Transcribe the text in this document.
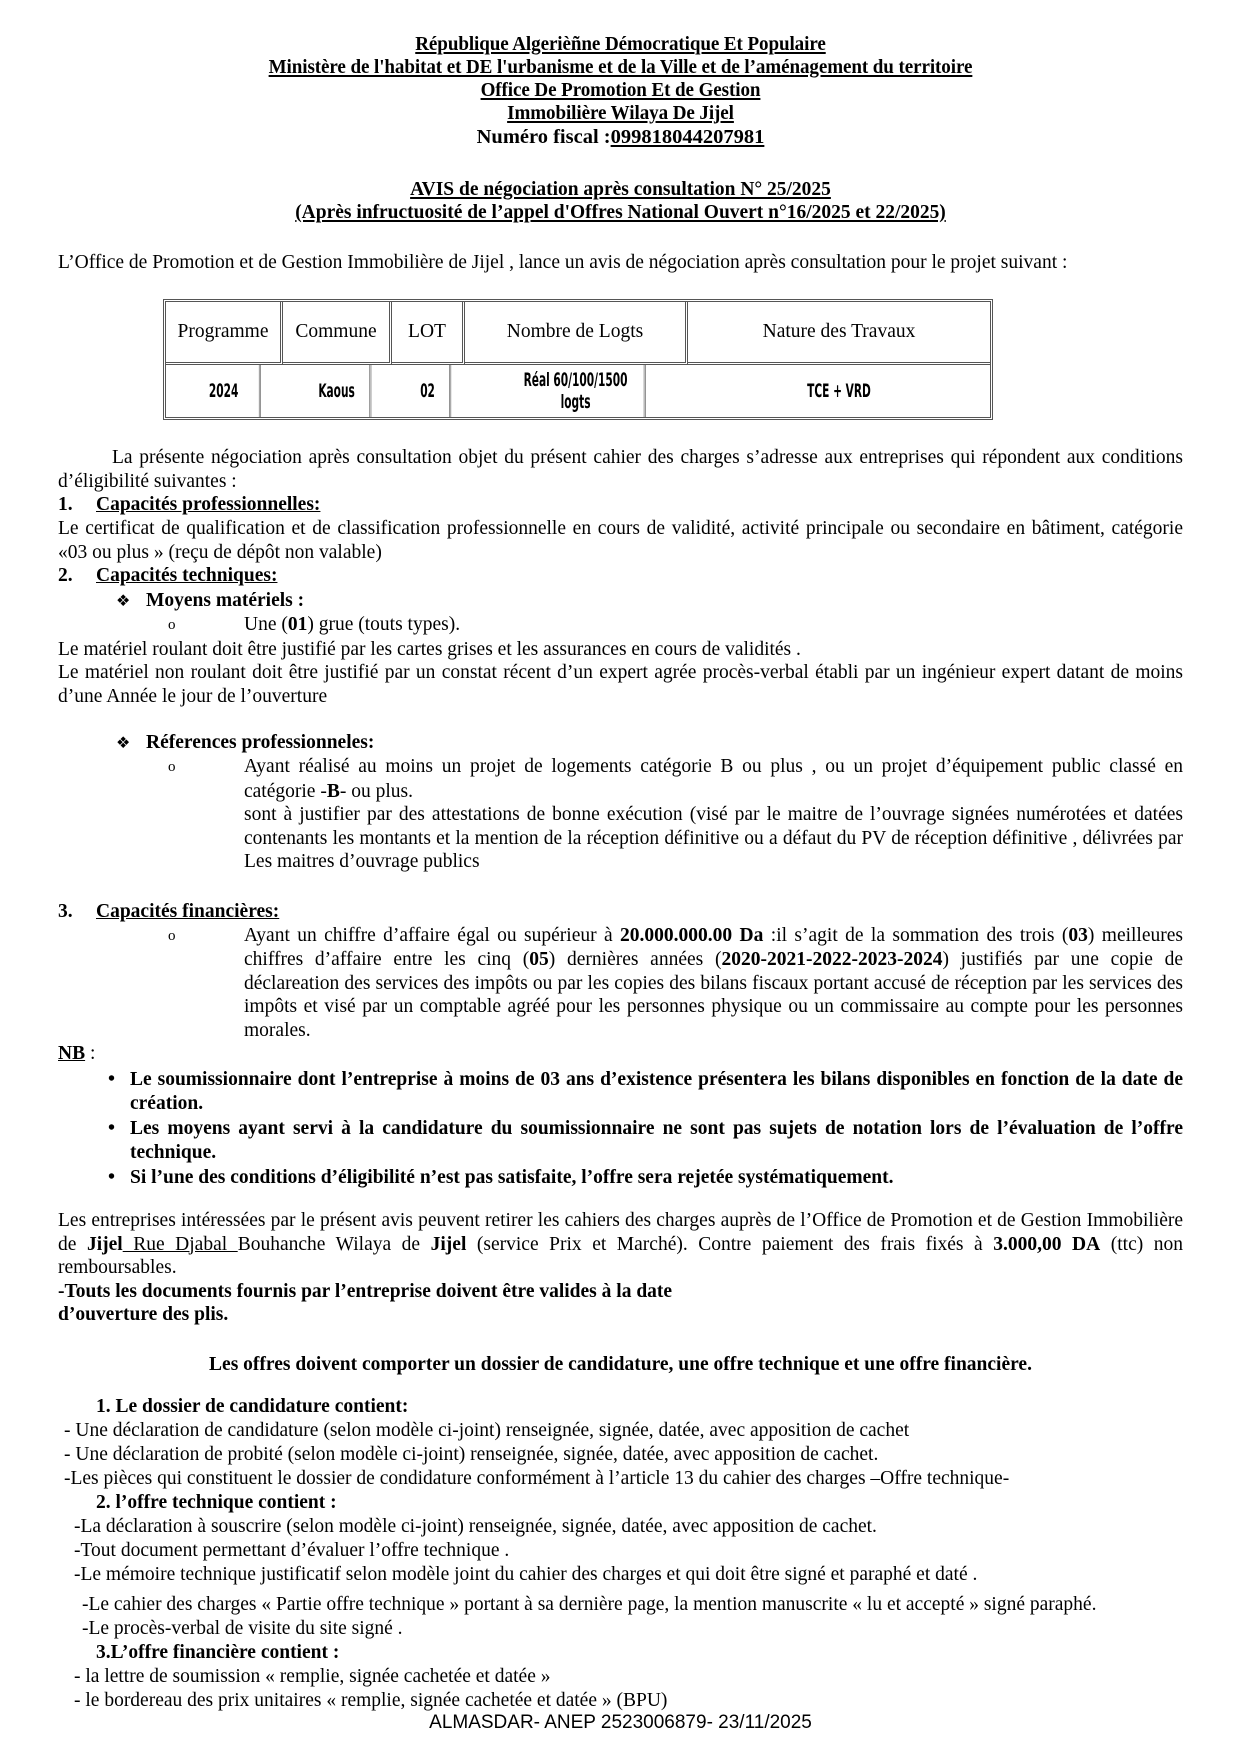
République Algerièñne Démocratique Et Populaire
Ministère de l'habitat et DE l'urbanisme et de la Ville et de l’aménagement du territoire
Office De Promotion Et de Gestion
Immobilière Wilaya De Jijel
Numéro fiscal :099818044207981
AVIS de négociation après consultation N° 25/2025
(Après infructuosité de l’appel d'Offres National Ouvert n°16/2025 et 22/2025)
L’Office de Promotion et de Gestion Immobilière de Jijel , lance un avis de négociation après consultation pour le projet suivant :
Programme	Commune	LOT	Nombre de Logts	Nature des Travaux
2024	Kaous	02	Réal 60/100/1500 logts	TCE + VRD

La présente négociation après consultation objet du présent cahier des charges s’adresse aux entreprises qui répondent aux conditions d’éligibilité suivantes :

1. Capacités professionnelles:

Le certificat de qualification et de classification professionnelle en cours de validité, activité principale ou secondaire en bâtiment, catégorie «03 ou plus » (reçu de dépôt non valable)

2. Capacités techniques:

❖ Moyens matériels :

o	Une (01) grue (touts types).

Le matériel roulant doit être justifié par les cartes grises et les assurances en cours de validités .

Le matériel non roulant doit être justifié par un constat récent d’un expert agrée procès-verbal établi par un ingénieur expert datant de moins d’une Année le jour de l’ouverture

❖ Réferences professionneles:

o	Ayant réalisé au moins un projet de logements catégorie B ou plus , ou un projet d’équipement public classé en catégorie -B- ou plus.

sont à justifier par des attestations de bonne exécution (visé par le maitre de l’ouvrage signées numérotées et datées contenants les montants et la mention de la réception définitive ou a défaut du PV de réception définitive , délivrées par Les maitres d’ouvrage publics

3. Capacités financières:

o	Ayant un chiffre d’affaire égal ou supérieur à 20.000.000.00 Da :il s’agit de la sommation des trois (03) meilleures chiffres d’affaire entre les cinq (05) dernières années (2020-2021-2022-2023-2024) justifiés par une copie de déclareation des services des impôts ou par les copies des bilans fiscaux portant accusé de réception par les services des impôts et visé par un comptable agréé pour les personnes physique ou un commissaire au compte pour les personnes morales.

NB :

• Le soumissionnaire dont l’entreprise à moins de 03 ans d’existence présentera les bilans disponibles en fonction de la date de création.
• Les moyens ayant servi à la candidature du soumissionnaire ne sont pas sujets de notation lors de l’évaluation de l’offre technique.
• Si l’une des conditions d’éligibilité n’est pas satisfaite, l’offre sera rejetée systématiquement.

Les entreprises intéressées par le présent avis peuvent retirer les cahiers des charges auprès de l’Office de Promotion et de Gestion Immobilière de Jijel Rue Djabal Bouhanche Wilaya de Jijel (service Prix et Marché). Contre paiement des frais fixés à 3.000,00 DA (ttc) non remboursables.

-Touts les documents fournis par l’entreprise doivent être valides à la date

d’ouverture des plis.

Les offres doivent comporter un dossier de candidature, une offre technique et une offre financière.

1. Le dossier de candidature contient:

- Une déclaration de candidature (selon modèle ci-joint) renseignée, signée, datée, avec apposition de cachet

- Une déclaration de probité (selon modèle ci-joint) renseignée, signée, datée, avec apposition de cachet.

-Les pièces qui constituent le dossier de condidature conformément à l’article 13 du cahier des charges –Offre technique-

2. l’offre technique contient :

-La déclaration à souscrire (selon modèle ci-joint) renseignée, signée, datée, avec apposition de cachet.

-Tout document permettant d’évaluer l’offre technique .

-Le mémoire technique justificatif selon modèle joint du cahier des charges et qui doit être signé et paraphé et daté .

-Le cahier des charges « Partie offre technique » portant à sa dernière page, la mention manuscrite « lu et accepté » signé paraphé.

-Le procès-verbal de visite du site signé .

3.L’offre financière contient :

- la lettre de soumission « remplie, signée cachetée et datée »

- le bordereau des prix unitaires « remplie, signée cachetée et datée » (BPU)

ALMASDAR- ANEP 2523006879- 23/11/2025
